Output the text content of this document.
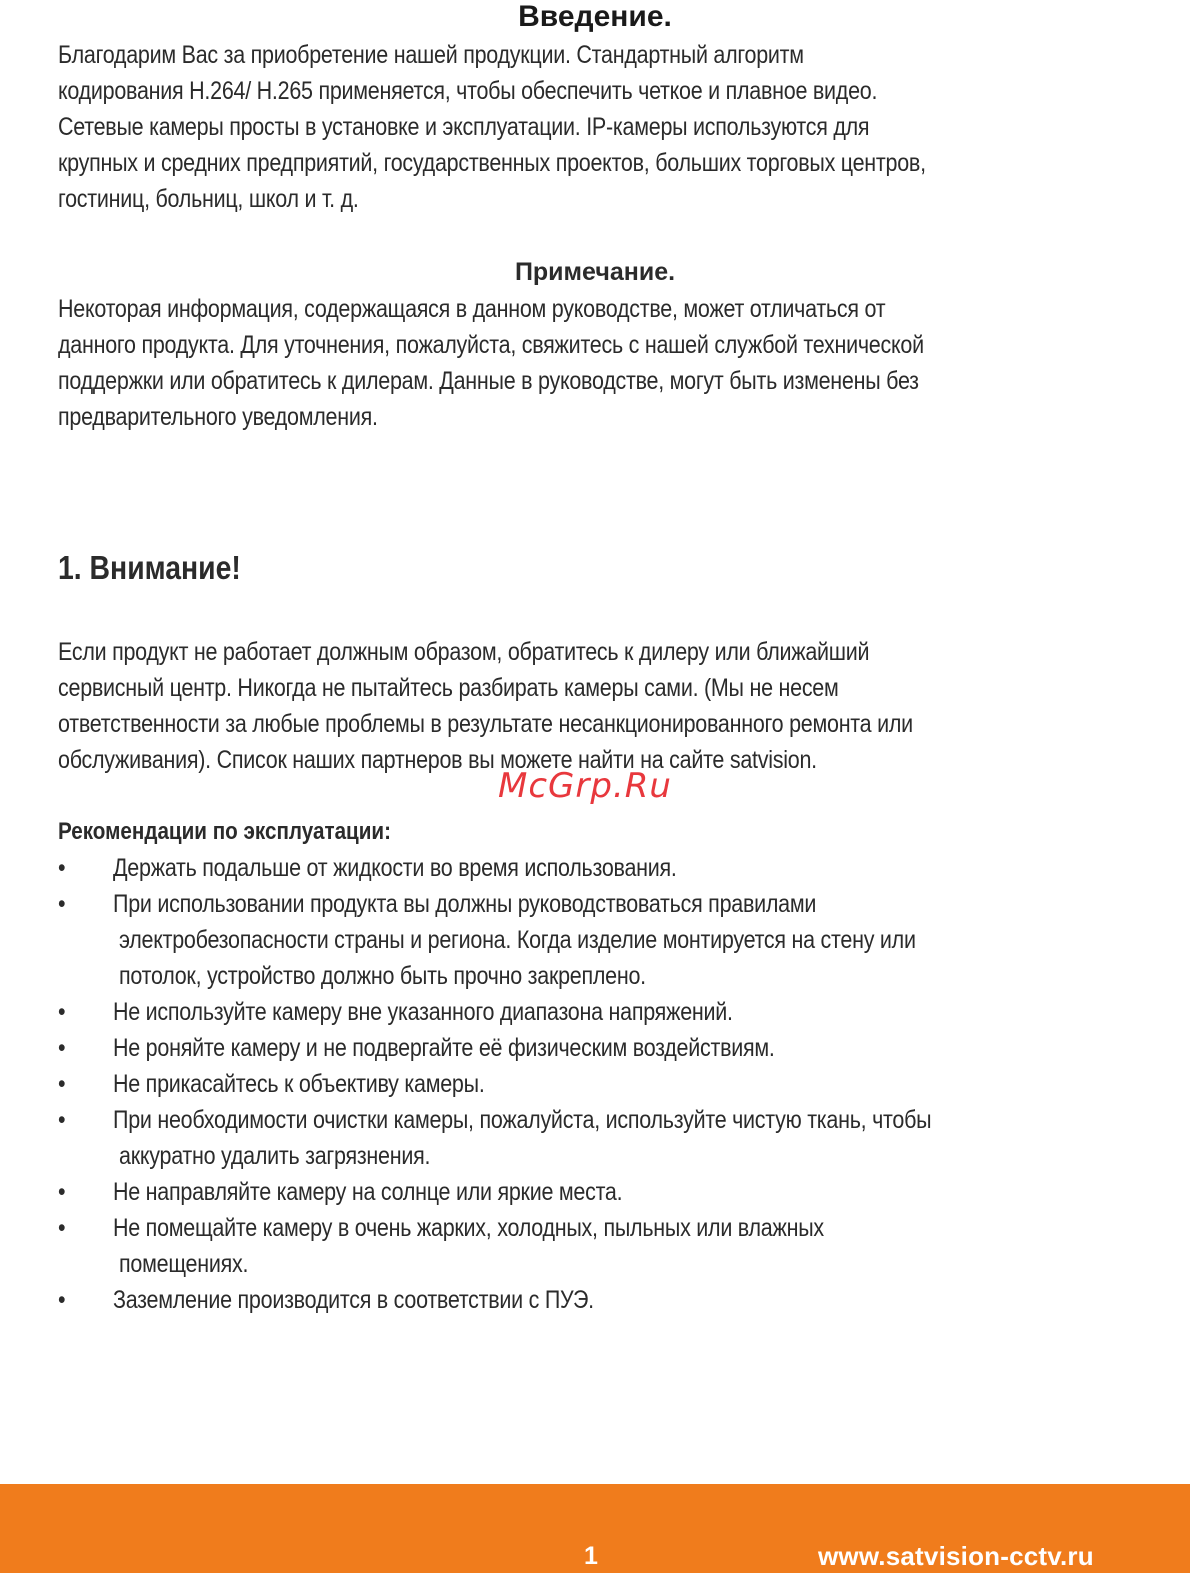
Введение.
Благодарим Вас за приобретение нашей продукции. Стандартный алгоритм
кодирования H.264/ H.265 применяется, чтобы обеспечить четкое и плавное видео.
Сетевые камеры просты в установке и эксплуатации. IP-камеры используются для
крупных и средних предприятий, государственных проектов, больших торговых центров,
гостиниц, больниц, школ и т. д.
Примечание.
Некоторая информация, содержащаяся в данном руководстве, может отличаться от
данного продукта. Для уточнения, пожалуйста, свяжитесь с нашей службой технической
поддержки или обратитесь к дилерам. Данные в руководстве, могут быть изменены без
предварительного уведомления.
1. Внимание!
Если продукт не работает должным образом, обратитесь к дилеру или ближайший
сервисный центр. Никогда не пытайтесь разбирать камеры сами. (Мы не несем
ответственности за любые проблемы в результате несанкционированного ремонта или
обслуживания). Список наших партнеров вы можете найти на сайте satvision.
McGrp.Ru
Рекомендации по эксплуатации:
• Держать подальше от жидкости во время использования.
• При использовании продукта вы должны руководствоваться правилами
электробезопасности страны и региона. Когда изделие монтируется на стену или
потолок, устройство должно быть прочно закреплено.
• Не используйте камеру вне указанного диапазона напряжений.
• Не роняйте камеру и не подвергайте её физическим воздействиям.
• Не прикасайтесь к объективу камеры.
• При необходимости очистки камеры, пожалуйста, используйте чистую ткань, чтобы
аккуратно удалить загрязнения.
• Не направляйте камеру на солнце или яркие места.
• Не помещайте камеру в очень жарких, холодных, пыльных или влажных
помещениях.
• Заземление производится в соответствии с ПУЭ.
1	www.satvision-cctv.ru
